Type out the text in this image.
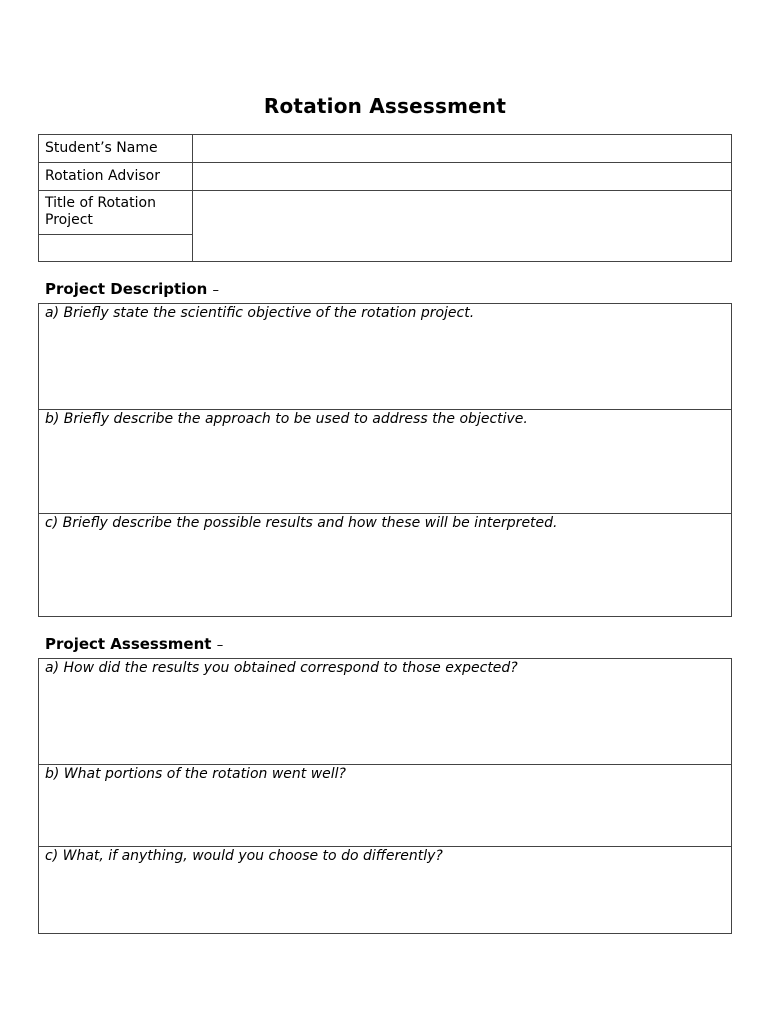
Rotation Assessment
Student’s Name
Rotation Advisor
Title of Rotation Project
Project Description –
a) Briefly state the scientific objective of the rotation project.
b) Briefly describe the approach to be used to address the objective.
c) Briefly describe the possible results and how these will be interpreted.
Project Assessment –
a) How did the results you obtained correspond to those expected?
b) What portions of the rotation went well?
c) What, if anything, would you choose to do differently?
